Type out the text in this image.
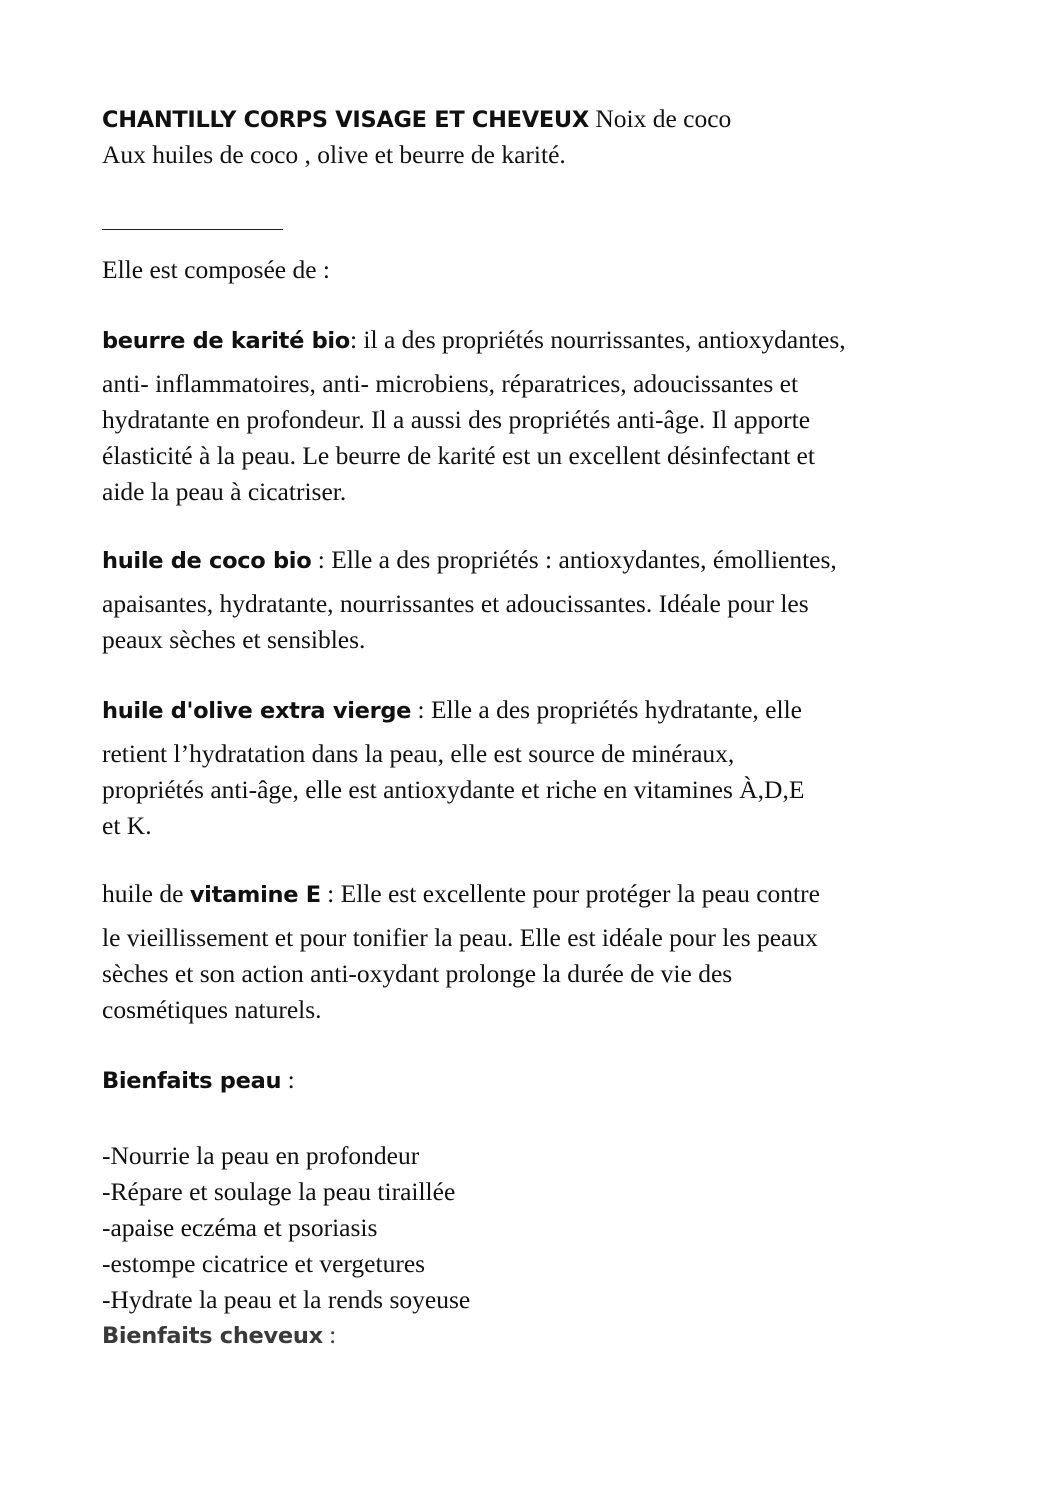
CHANTILLY CORPS VISAGE ET CHEVEUX Noix de coco
Aux huiles de coco , olive et beurre de karité.
Elle est composée de :
beurre de karité bio: il a des propriétés nourrissantes, antioxydantes,
anti- inflammatoires, anti- microbiens, réparatrices, adoucissantes et
hydratante en profondeur. Il a aussi des propriétés anti-âge. Il apporte
élasticité à la peau. Le beurre de karité est un excellent désinfectant et
aide la peau à cicatriser.
huile de coco bio : Elle a des propriétés : antioxydantes, émollientes,
apaisantes, hydratante, nourrissantes et adoucissantes. Idéale pour les
peaux sèches et sensibles.
huile d'olive extra vierge : Elle a des propriétés hydratante, elle
retient l’hydratation dans la peau, elle est source de minéraux,
propriétés anti-âge, elle est antioxydante et riche en vitamines À,D,E
et K.
huile de vitamine E : Elle est excellente pour protéger la peau contre
le vieillissement et pour tonifier la peau. Elle est idéale pour les peaux
sèches et son action anti-oxydant prolonge la durée de vie des
cosmétiques naturels.
Bienfaits peau :
-Nourrie la peau en profondeur
-Répare et soulage la peau tiraillée
-apaise eczéma et psoriasis
-estompe cicatrice et vergetures
-Hydrate la peau et la rends soyeuse
Bienfaits cheveux :
